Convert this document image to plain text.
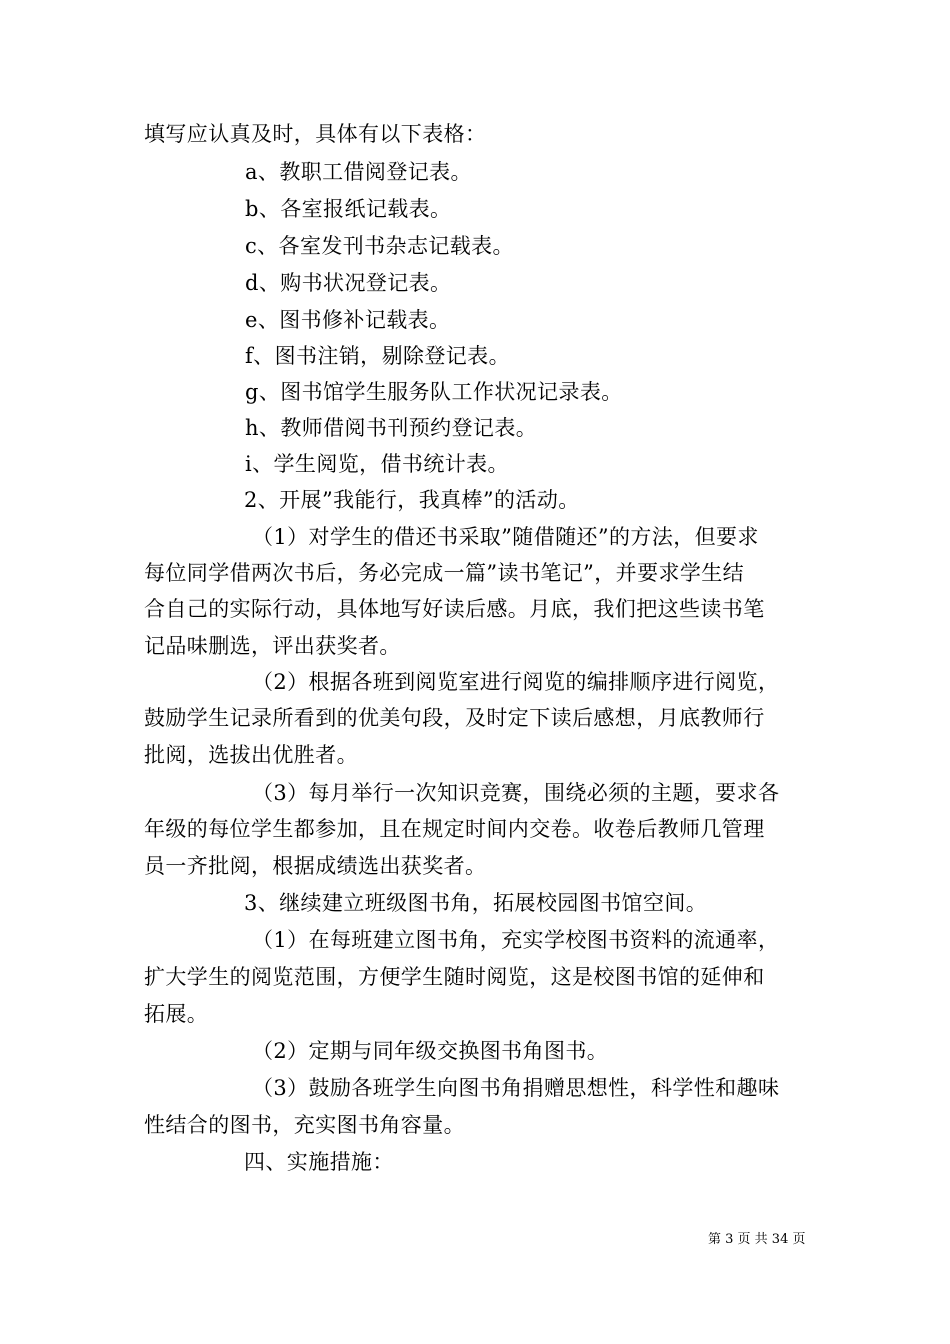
填写应认真及时，具体有以下表格：
a、教职工借阅登记表。
b、各室报纸记载表。
c、各室发刊书杂志记载表。
d、购书状况登记表。
e、图书修补记载表。
f、图书注销，剔除登记表。
g、图书馆学生服务队工作状况记录表。
h、教师借阅书刊预约登记表。
i、学生阅览，借书统计表。
2、开展”我能行，我真棒”的活动。
（1）对学生的借还书采取”随借随还”的方法，但要求
每位同学借两次书后，务必完成一篇”读书笔记”，并要求学生结
合自己的实际行动，具体地写好读后感。月底，我们把这些读书笔
记品味删选，评出获奖者。
（2）根据各班到阅览室进行阅览的编排顺序进行阅览，
鼓励学生记录所看到的优美句段，及时定下读后感想，月底教师行
批阅，选拔出优胜者。
（3）每月举行一次知识竞赛，围绕必须的主题，要求各
年级的每位学生都参加，且在规定时间内交卷。收卷后教师几管理
员一齐批阅，根据成绩选出获奖者。
3、继续建立班级图书角，拓展校园图书馆空间。
（1）在每班建立图书角，充实学校图书资料的流通率，
扩大学生的阅览范围，方便学生随时阅览，这是校图书馆的延伸和
拓展。
（2）定期与同年级交换图书角图书。
（3）鼓励各班学生向图书角捐赠思想性，科学性和趣味
性结合的图书，充实图书角容量。
四、实施措施：
第 3 页 共 34 页
